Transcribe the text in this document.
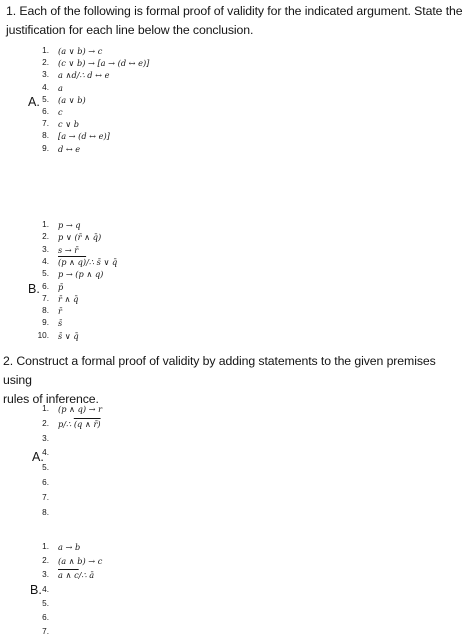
1. Each of the following is formal proof of validity for the indicated argument. State the
justification for each line below the conclusion.
1. (a ∨ b) → c
2. (c ∨ b) → [a → (d ↔ e)]
3. a ∧d/∴ d ↔ e
4. a
5. (a ∨ b)
6. c
7. c ∨ b
8. [a → (d ↔ e)]
9. d ↔ e
A.
1. p → q
2. p ∨ (r̄ ∧ q̄)
3. s → r̄
4. (p ∧ q)/∴ s̄ ∨ q̄
5. p → (p ∧ q)
6. p̄
7. r̄ ∧ q̄
8. r̄
9. s̄
10. s̄ ∨ q̄
B.
2. Construct a formal proof of validity by adding statements to the given premises using
rules of inference.
1. (p ∧ q) → r
2. p/∴ (q ∧ r̄)
3.
4.
5.
6.
7.
8.
A.
1. a → b
2. (a ∧ b) → c
3. a ∧ c/∴ ā
4.
5.
6.
7.
B.
